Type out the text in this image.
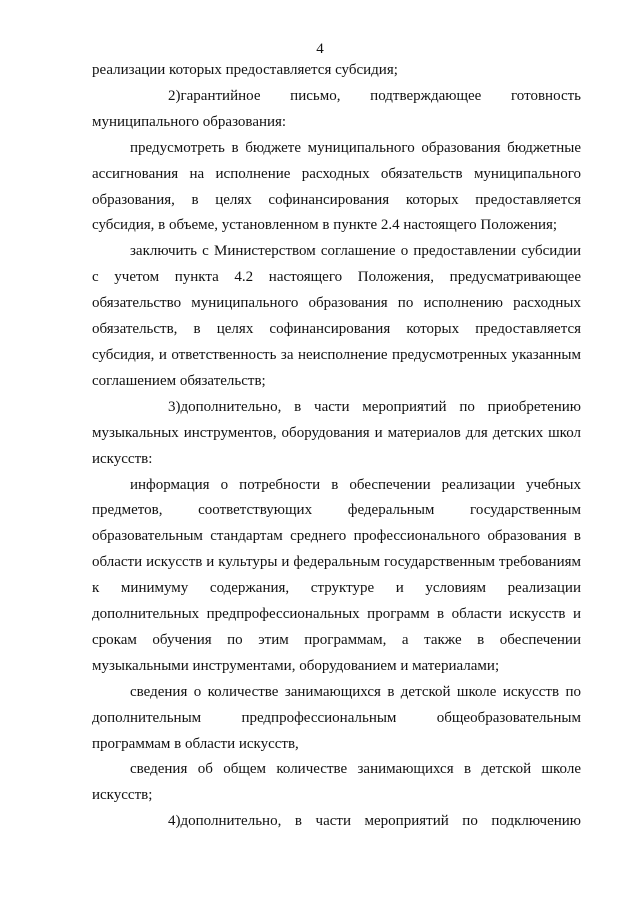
4

реализации которых предоставляется субсидия;

2)гарантийное письмо, подтверждающее готовность муниципального образования:

предусмотреть в бюджете муниципального образования бюджетные ассигнования на исполнение расходных обязательств муниципального образования, в целях софинансирования которых предоставляется субсидия, в объеме, установленном в пункте 2.4 настоящего Положения;

заключить с Министерством соглашение о предоставлении субсидии с учетом пункта 4.2 настоящего Положения, предусматривающее обязательство муниципального образования по исполнению расходных обязательств, в целях софинансирования которых предоставляется субсидия, и ответственность за неисполнение предусмотренных указанным соглашением обязательств;

3)дополнительно, в части мероприятий по приобретению музыкальных инструментов, оборудования и материалов для детских школ искусств:

информация о потребности в обеспечении реализации учебных предметов, соответствующих федеральным государственным образовательным стандартам среднего профессионального образования в области искусств и культуры и федеральным государственным требованиям к минимуму содержания, структуре и условиям реализации дополнительных предпрофессиональных программ в области искусств и срокам обучения по этим программам, а также в обеспечении музыкальными инструментами, оборудованием и материалами;

сведения о количестве занимающихся в детской школе искусств по дополнительным предпрофессиональным общеобразовательным программам в области искусств,

сведения об общем количестве занимающихся в детской школе искусств;

4)дополнительно, в части мероприятий по подключению
